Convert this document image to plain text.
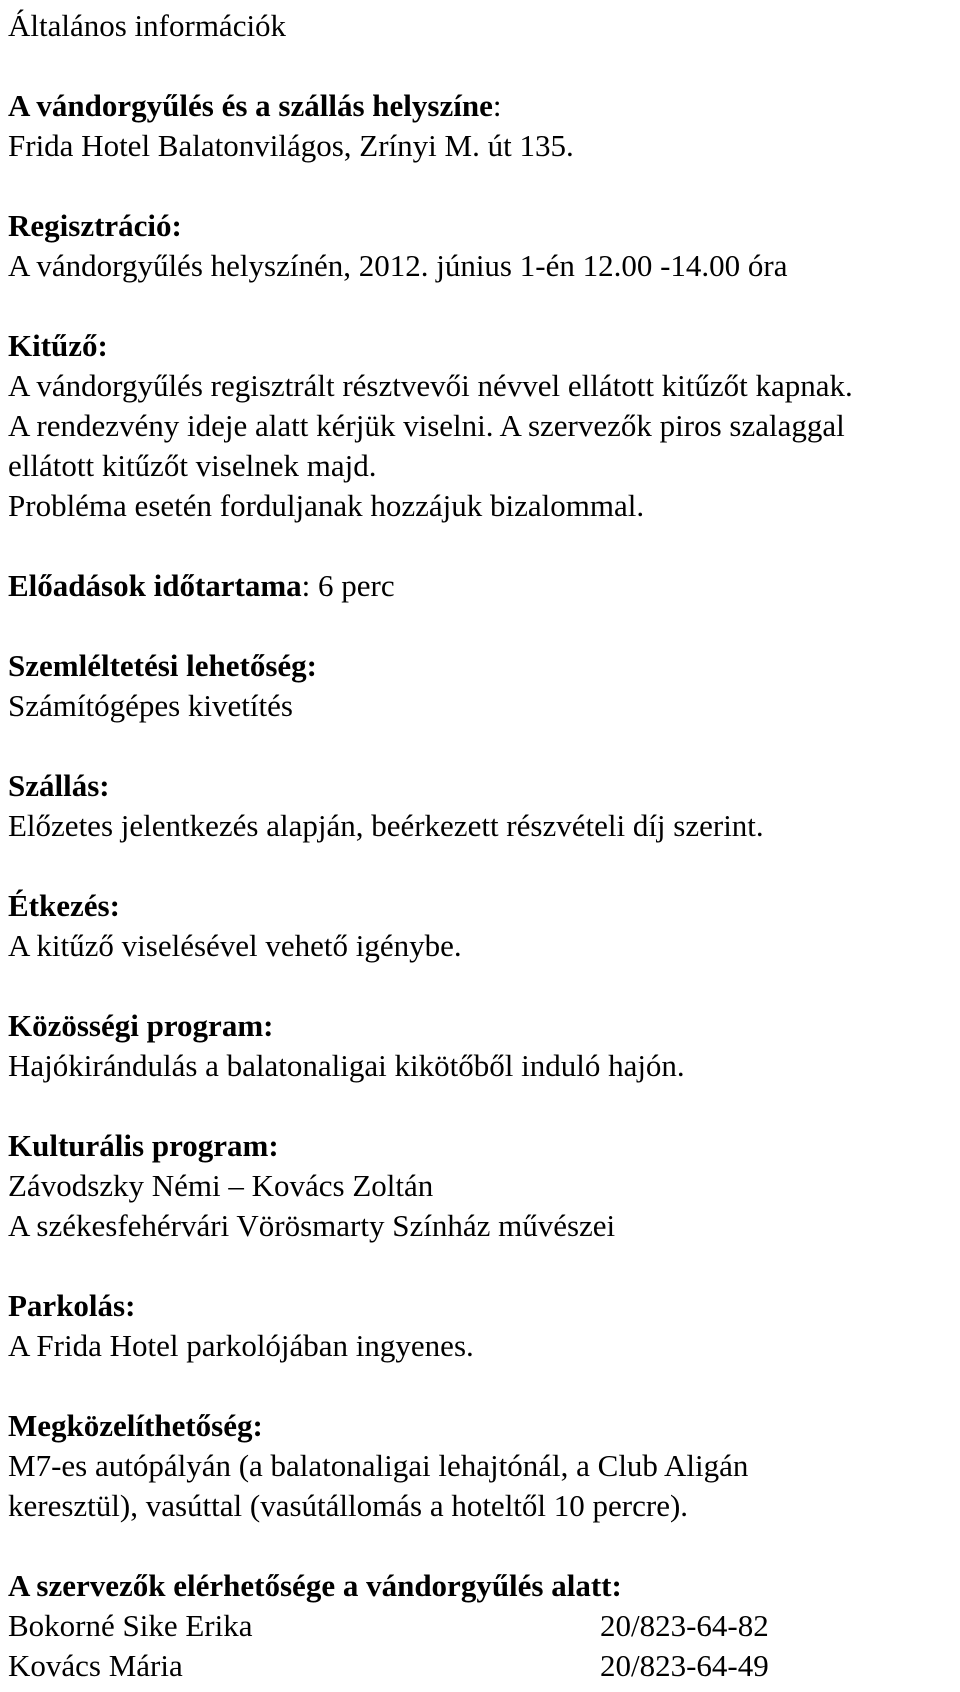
Általános információk
A vándorgyűlés és a szállás helyszíne:
Frida Hotel Balatonvilágos, Zrínyi M. út 135.
Regisztráció:
A vándorgyűlés helyszínén, 2012. június 1-én 12.00 -14.00 óra
Kitűző:
A vándorgyűlés regisztrált résztvevői névvel ellátott kitűzőt kapnak.
A rendezvény ideje alatt kérjük viselni. A szervezők piros szalaggal
ellátott kitűzőt viselnek majd.
Probléma esetén forduljanak hozzájuk bizalommal.
Előadások időtartama: 6 perc
Szemléltetési lehetőség:
Számítógépes kivetítés
Szállás:
Előzetes jelentkezés alapján, beérkezett részvételi díj szerint.
Étkezés:
A kitűző viselésével vehető igénybe.
Közösségi program:
Hajókirándulás a balatonaligai kikötőből induló hajón.
Kulturális program:
Závodszky Némi – Kovács Zoltán
A székesfehérvári Vörösmarty Színház művészei
Parkolás:
A Frida Hotel parkolójában ingyenes.
Megközelíthetőség:
M7-es autópályán (a balatonaligai lehajtónál, a Club Aligán
keresztül), vasúttal (vasútállomás a hoteltől 10 percre).
A szervezők elérhetősége a vándorgyűlés alatt:
Bokorné Sike Erika	20/823-64-82
Kovács Mária	20/823-64-49
